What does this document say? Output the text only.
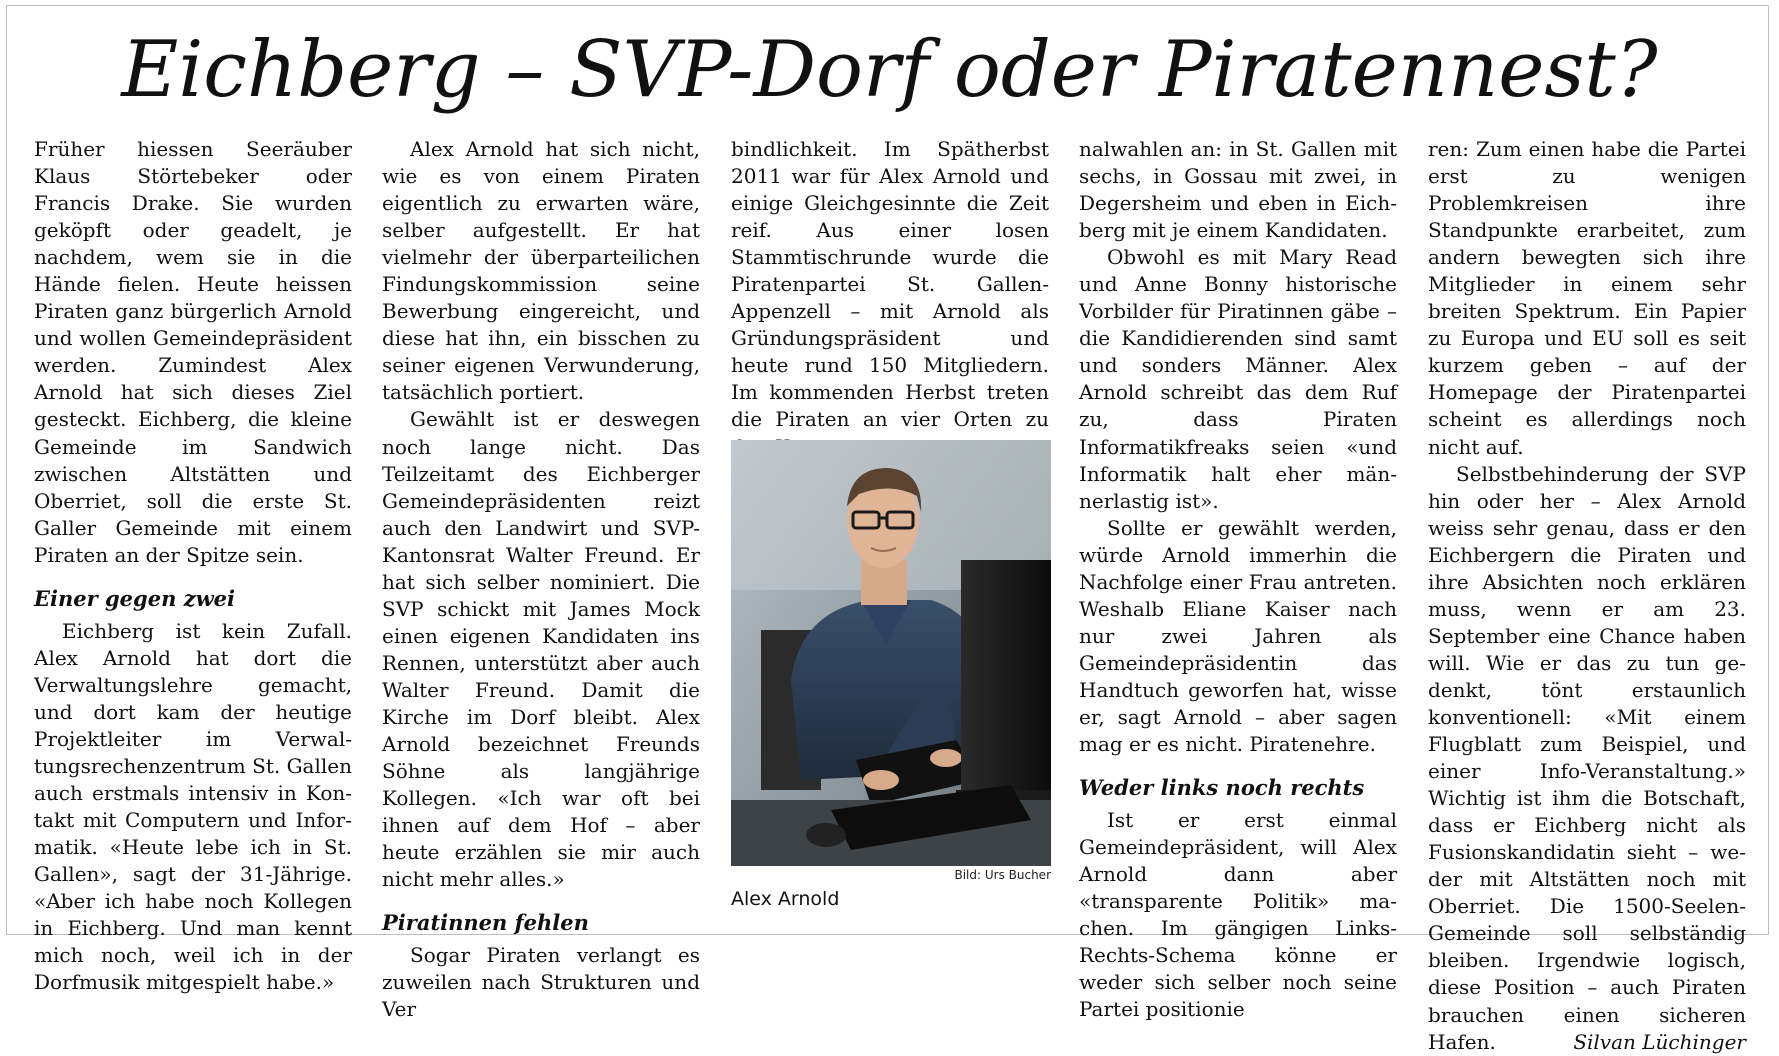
Eichberg – SVP-Dorf oder Piratennest?

Früher hiessen Seeräuber Klaus Störtebeker oder Francis Drake. Sie wurden geköpft oder geadelt, je nachdem, wem sie in die Hände fielen. Heute heissen Piraten ganz bürgerlich Arnold und wollen Gemeindepräsident werden. Zumindest Alex Arnold hat sich dieses Ziel gesteckt. Eichberg, die kleine Gemeinde im Sandwich zwischen Altstätten und Oberriet, soll die erste St. Galler Gemeinde mit einem Piraten an der Spitze sein.

Einer gegen zwei

Eichberg ist kein Zufall. Alex Arnold hat dort die Verwaltungslehre gemacht, und dort kam der heutige Projektleiter im Verwaltungsrechenzentrum St. Gallen auch erstmals intensiv in Kontakt mit Computern und Informatik. «Heute lebe ich in St. Gallen», sagt der 31-Jährige. «Aber ich habe noch Kollegen in Eichberg. Und man kennt mich noch, weil ich in der Dorfmusik mitgespielt habe.»

Alex Arnold hat sich nicht, wie es von einem Piraten eigentlich zu erwarten wäre, selber aufgestellt. Er hat vielmehr der überparteilichen Findungskommission seine Bewerbung eingereicht, und diese hat ihn, ein bisschen zu seiner eigenen Verwunderung, tatsächlich portiert.

Gewählt ist er deswegen noch lange nicht. Das Teilzeitamt des Eichberger Gemeindepräsidenten reizt auch den Landwirt und SVP-Kantonsrat Walter Freund. Er hat sich selber nominiert. Die SVP schickt mit James Mock einen eigenen Kandidaten ins Rennen, unterstützt aber auch Walter Freund. Damit die Kirche im Dorf bleibt. Alex Arnold bezeichnet Freunds Söhne als langjährige Kollegen. «Ich war oft bei ihnen auf dem Hof – aber heute erzählen sie mir auch nicht mehr alles.»

Piratinnen fehlen

Sogar Piraten verlangt es zuweilen nach Strukturen und Ver

bindlichkeit. Im Spätherbst 2011 war für Alex Arnold und einige Gleichgesinnte die Zeit reif. Aus einer losen Stammtischrunde wurde die Piratenpartei St. Gallen-Appenzell – mit Arnold als Gründungspräsident und heute rund 150 Mitgliedern. Im kommenden Herbst treten die Piraten an vier Orten zu

Bild: Urs Bucher
Alex Arnold

nalwahlen an: in St. Gallen mit sechs, in Gossau mit zwei, in Degersheim und eben in Eichberg mit je einem Kandidaten.

Obwohl es mit Mary Read und Anne Bonny historische Vorbilder für Piratinnen gäbe – die Kandidierenden sind samt und sonders Männer. Alex Arnold schreibt das dem Ruf zu, dass Piraten Informatikfreaks seien «und Informatik halt eher männerlastig ist».

Sollte er gewählt werden, würde Arnold immerhin die Nachfolge einer Frau antreten. Weshalb Eliane Kaiser nach nur zwei Jahren als Gemeindepräsidentin das Handtuch geworfen hat, wisse er, sagt Arnold – aber sagen mag er es nicht. Piratenehre.

Weder links noch rechts

Ist er erst einmal Gemeindepräsident, will Alex Arnold dann aber «transparente Politik» machen. Im gängigen Links-Rechts-Schema könne er weder sich selber noch seine Partei positionie

ren: Zum einen habe die Partei erst zu wenigen Problemkreisen ihre Standpunkte erarbeitet, zum andern bewegten sich ihre Mitglieder in einem sehr breiten Spektrum. Ein Papier zu Europa und EU soll es seit kurzem geben – auf der Homepage der Piratenpartei scheint es allerdings noch nicht auf.

Selbstbehinderung der SVP hin oder her – Alex Arnold weiss sehr genau, dass er den Eichbergern die Piraten und ihre Absichten noch erklären muss, wenn er am 23. September eine Chance haben will. Wie er das zu tun gedenkt, tönt erstaunlich konventionell: «Mit einem Flugblatt zum Beispiel, und einer Info-Veranstaltung.» Wichtig ist ihm die Botschaft, dass er Eichberg nicht als Fusionskandidatin sieht – weder mit Altstätten noch mit Oberriet. Die 1500-Seelen-Gemeinde soll selbständig bleiben. Irgendwie logisch, diese Position – auch Piraten brauchen einen sicheren Hafen.	Silvan Lüchinger
